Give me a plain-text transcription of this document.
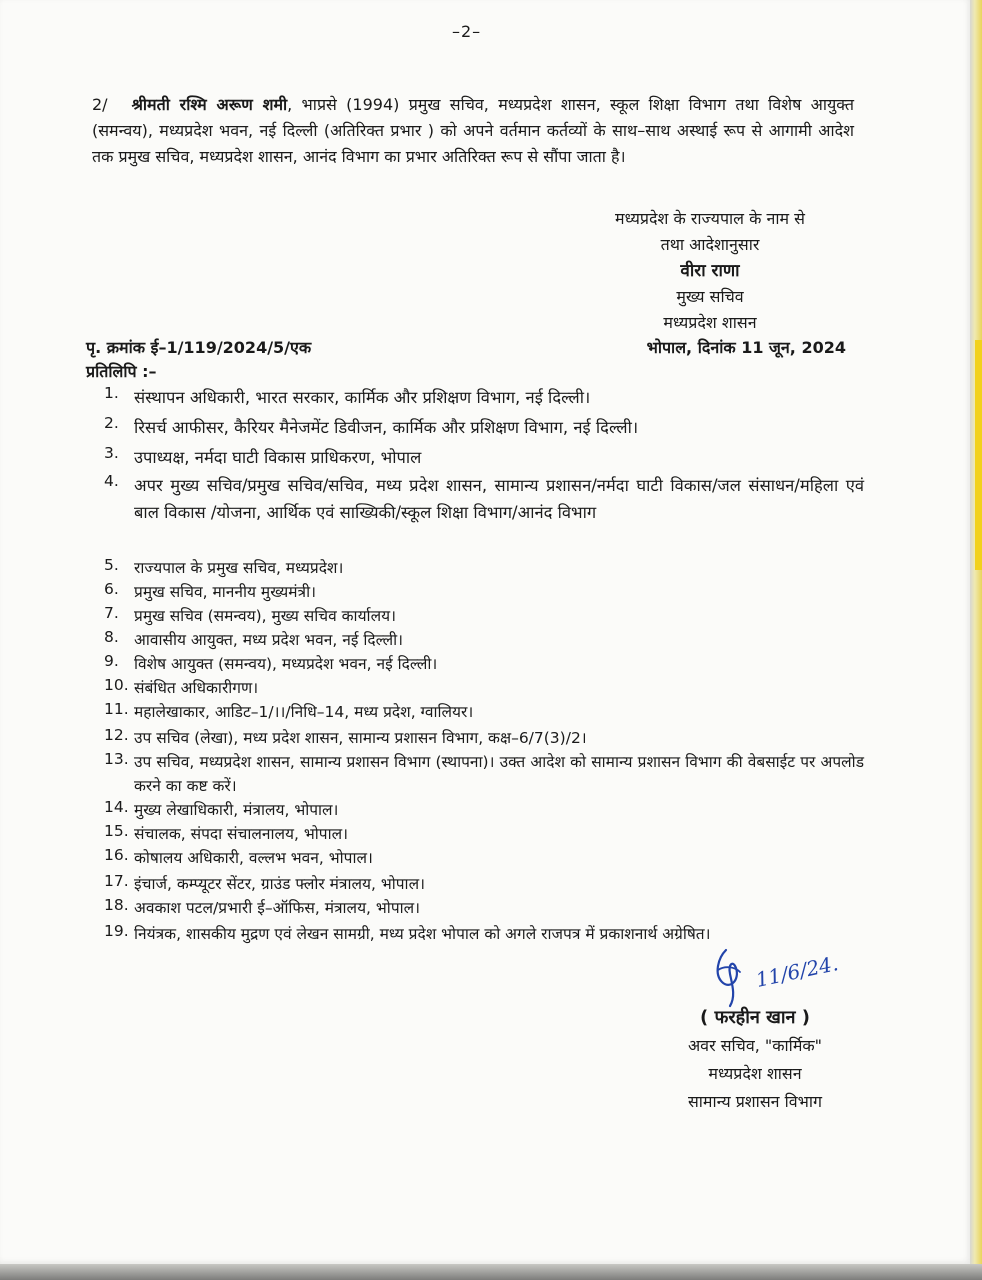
–2–
2/ श्रीमती रश्मि अरूण शमी, भाप्रसे (1994) प्रमुख सचिव, मध्यप्रदेश शासन, स्कूल शिक्षा विभाग तथा विशेष आयुक्त (समन्वय), मध्यप्रदेश भवन, नई दिल्ली (अतिरिक्त प्रभार ) को अपने वर्तमान कर्तव्यों के साथ–साथ अस्थाई रूप से आगामी आदेश तक प्रमुख सचिव, मध्यप्रदेश शासन, आनंद विभाग का प्रभार अतिरिक्त रूप से सौंपा जाता है।
मध्यप्रदेश के राज्यपाल के नाम से
तथा आदेशानुसार
वीरा राणा
मुख्य सचिव
मध्यप्रदेश शासन
पृ. क्रमांक ई–1/119/2024/5/एक	भोपाल, दिनांक 11 जून, 2024
प्रतिलिपि :–
1. संस्थापन अधिकारी, भारत सरकार, कार्मिक और प्रशिक्षण विभाग, नई दिल्ली।
2. रिसर्च आफीसर, कैरियर मैनेजमेंट डिवीजन, कार्मिक और प्रशिक्षण विभाग, नई दिल्ली।
3. उपाध्यक्ष, नर्मदा घाटी विकास प्राधिकरण, भोपाल
4. अपर मुख्य सचिव/प्रमुख सचिव/सचिव, मध्य प्रदेश शासन, सामान्य प्रशासन/नर्मदा घाटी विकास/जल संसाधन/महिला एवं बाल विकास /योजना, आर्थिक एवं साख्यिकी/स्कूल शिक्षा विभाग/आनंद विभाग
5. राज्यपाल के प्रमुख सचिव, मध्यप्रदेश।
6. प्रमुख सचिव, माननीय मुख्यमंत्री।
7. प्रमुख सचिव (समन्वय), मुख्य सचिव कार्यालय।
8. आवासीय आयुक्त, मध्य प्रदेश भवन, नई दिल्ली।
9. विशेष आयुक्त (समन्वय), मध्यप्रदेश भवन, नई दिल्ली।
10. संबंधित अधिकारीगण।
11. महालेखाकार, आडिट–1/।।/निधि–14, मध्य प्रदेश, ग्वालियर।
12. उप सचिव (लेखा), मध्य प्रदेश शासन, सामान्य प्रशासन विभाग, कक्ष–6/7(3)/2।
13. उप सचिव, मध्यप्रदेश शासन, सामान्य प्रशासन विभाग (स्थापना)। उक्त आदेश को सामान्य प्रशासन विभाग की वेबसाईट पर अपलोड करने का कष्ट करें।
14. मुख्य लेखाधिकारी, मंत्रालय, भोपाल।
15. संचालक, संपदा संचालनालय, भोपाल।
16. कोषालय अधिकारी, वल्लभ भवन, भोपाल।
17. इंचार्ज, कम्प्यूटर सेंटर, ग्राउंड फ्लोर मंत्रालय, भोपाल।
18. अवकाश पटल/प्रभारी ई–ऑफिस, मंत्रालय, भोपाल।
19. नियंत्रक, शासकीय मुद्रण एवं लेखन सामग्री, मध्य प्रदेश भोपाल को अगले राजपत्र में प्रकाशनार्थ अग्रेषित।
11/6/24.
( फरहीन खान )
अवर सचिव, "कार्मिक"
मध्यप्रदेश शासन
सामान्य प्रशासन विभाग
